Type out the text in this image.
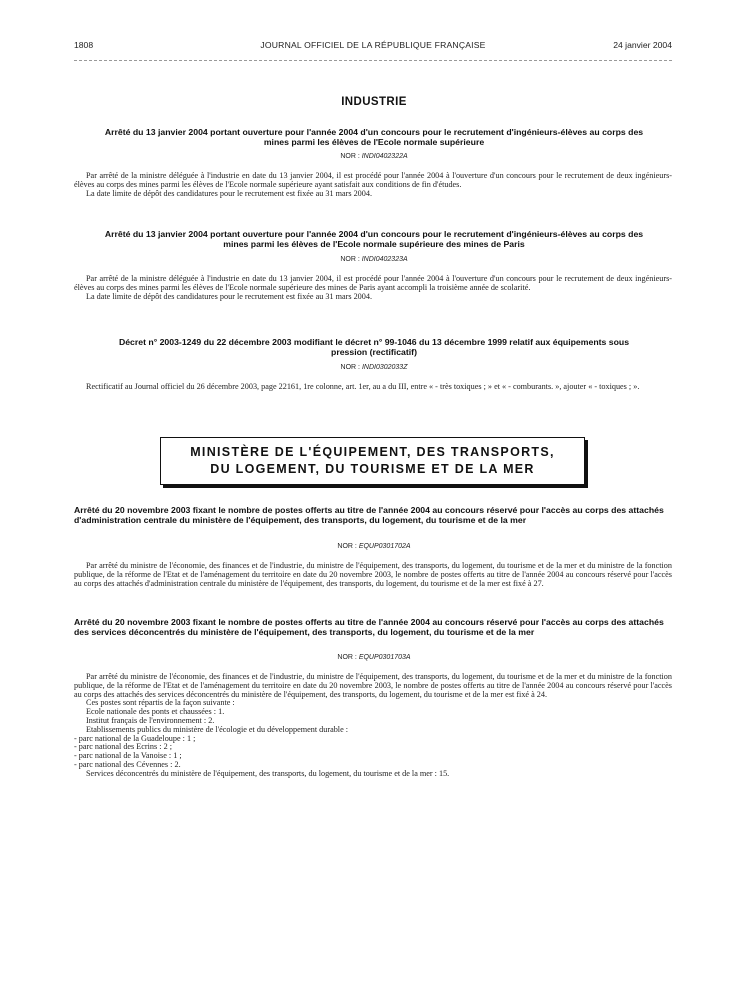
1808	JOURNAL OFFICIEL DE LA RÉPUBLIQUE FRANÇAISE	24 janvier 2004
INDUSTRIE
Arrêté du 13 janvier 2004 portant ouverture pour l'année 2004 d'un concours pour le recrutement d'ingénieurs-élèves au corps des mines parmi les élèves de l'Ecole normale supérieure
NOR : INDI0402322A

Par arrêté de la ministre déléguée à l'industrie en date du 13 janvier 2004, il est procédé pour l'année 2004 à l'ouverture d'un concours pour le recrutement de deux ingénieurs-élèves au corps des mines parmi les élèves de l'Ecole normale supérieure ayant satisfait aux conditions de fin d'études.

La date limite de dépôt des candidatures pour le recrutement est fixée au 31 mars 2004.

Arrêté du 13 janvier 2004 portant ouverture pour l'année 2004 d'un concours pour le recrutement d'ingénieurs-élèves au corps des mines parmi les élèves de l'Ecole normale supérieure des mines de Paris
NOR : INDI0402323A

Par arrêté de la ministre déléguée à l'industrie en date du 13 janvier 2004, il est procédé pour l'année 2004 à l'ouverture d'un concours pour le recrutement de deux ingénieurs-élèves au corps des mines parmi les élèves de l'Ecole normale supérieure des mines de Paris ayant accompli la troisième année de scolarité.

La date limite de dépôt des candidatures pour le recrutement est fixée au 31 mars 2004.

Décret n° 2003-1249 du 22 décembre 2003 modifiant le décret n° 99-1046 du 13 décembre 1999 relatif aux équipements sous pression (rectificatif)
NOR : INDI0302033Z

Rectificatif au Journal officiel du 26 décembre 2003, page 22161, 1re colonne, art. 1er, au a du III, entre « - très toxiques ; » et « - comburants. », ajouter « - toxiques ; ».

MINISTÈRE DE L'ÉQUIPEMENT, DES TRANSPORTS,
DU LOGEMENT, DU TOURISME ET DE LA MER
Arrêté du 20 novembre 2003 fixant le nombre de postes offerts au titre de l'année 2004 au concours réservé pour l'accès au corps des attachés d'administration centrale du ministère de l'équipement, des transports, du logement, du tourisme et de la mer
NOR : EQUP0301702A

Par arrêté du ministre de l'économie, des finances et de l'industrie, du ministre de l'équipement, des transports, du logement, du tourisme et de la mer et du ministre de la fonction publique, de la réforme de l'Etat et de l'aménagement du territoire en date du 20 novembre 2003, le nombre de postes offerts au titre de l'année 2004 au concours réservé pour l'accès au corps des attachés d'administration centrale du ministère de l'équipement, des transports, du logement, du tourisme et de la mer est fixé à 27.

Arrêté du 20 novembre 2003 fixant le nombre de postes offerts au titre de l'année 2004 au concours réservé pour l'accès au corps des attachés des services déconcentrés du ministère de l'équipement, des transports, du logement, du tourisme et de la mer
NOR : EQUP0301703A

Par arrêté du ministre de l'économie, des finances et de l'industrie, du ministre de l'équipement, des transports, du logement, du tourisme et de la mer et du ministre de la fonction publique, de la réforme de l'Etat et de l'aménagement du territoire en date du 20 novembre 2003, le nombre de postes offerts au titre de l'année 2004 au concours réservé pour l'accès au corps des attachés des services déconcentrés du ministère de l'équipement, des transports, du logement, du tourisme et de la mer est fixé à 24.

Ces postes sont répartis de la façon suivante :

Ecole nationale des ponts et chaussées : 1.

Institut français de l'environnement : 2.

Etablissements publics du ministère de l'écologie et du développement durable :

- parc national de la Guadeloupe : 1 ;

- parc national des Ecrins : 2 ;

- parc national de la Vanoise : 1 ;

- parc national des Cévennes : 2.

Services déconcentrés du ministère de l'équipement, des transports, du logement, du tourisme et de la mer : 15.
